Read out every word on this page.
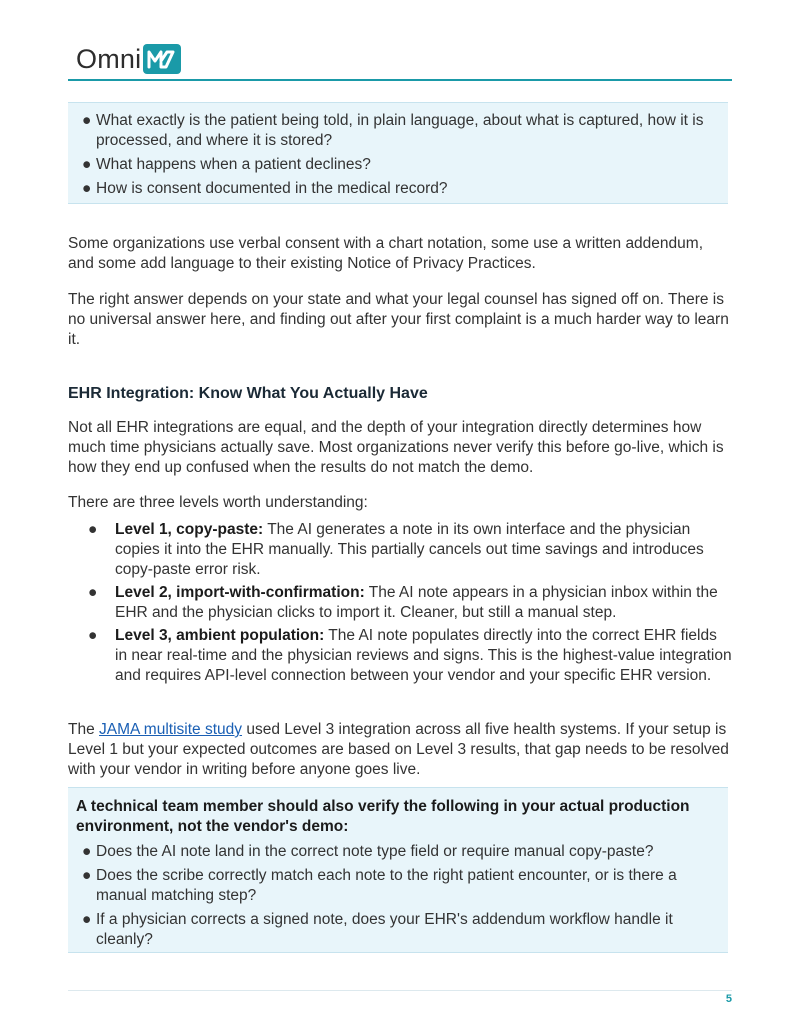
Omni
● What exactly is the patient being told, in plain language, about what is captured, how it is processed, and where it is stored?
● What happens when a patient declines?
● How is consent documented in the medical record?

Some organizations use verbal consent with a chart notation, some use a written addendum, and some add language to their existing Notice of Privacy Practices.

The right answer depends on your state and what your legal counsel has signed off on. There is no universal answer here, and finding out after your first complaint is a much harder way to learn it.

EHR Integration: Know What You Actually Have

Not all EHR integrations are equal, and the depth of your integration directly determines how much time physicians actually save. Most organizations never verify this before go-live, which is how they end up confused when the results do not match the demo.

There are three levels worth understanding:

● Level 1, copy-paste: The AI generates a note in its own interface and the physician copies it into the EHR manually. This partially cancels out time savings and introduces copy-paste error risk.
● Level 2, import-with-confirmation: The AI note appears in a physician inbox within the EHR and the physician clicks to import it. Cleaner, but still a manual step.
● Level 3, ambient population: The AI note populates directly into the correct EHR fields in near real-time and the physician reviews and signs. This is the highest-value integration and requires API-level connection between your vendor and your specific EHR version.

The JAMA multisite study used Level 3 integration across all five health systems. If your setup is Level 1 but your expected outcomes are based on Level 3 results, that gap needs to be resolved with your vendor in writing before anyone goes live.

A technical team member should also verify the following in your actual production environment, not the vendor's demo:
● Does the AI note land in the correct note type field or require manual copy-paste?
● Does the scribe correctly match each note to the right patient encounter, or is there a manual matching step?
● If a physician corrects a signed note, does your EHR's addendum workflow handle it cleanly?
5
